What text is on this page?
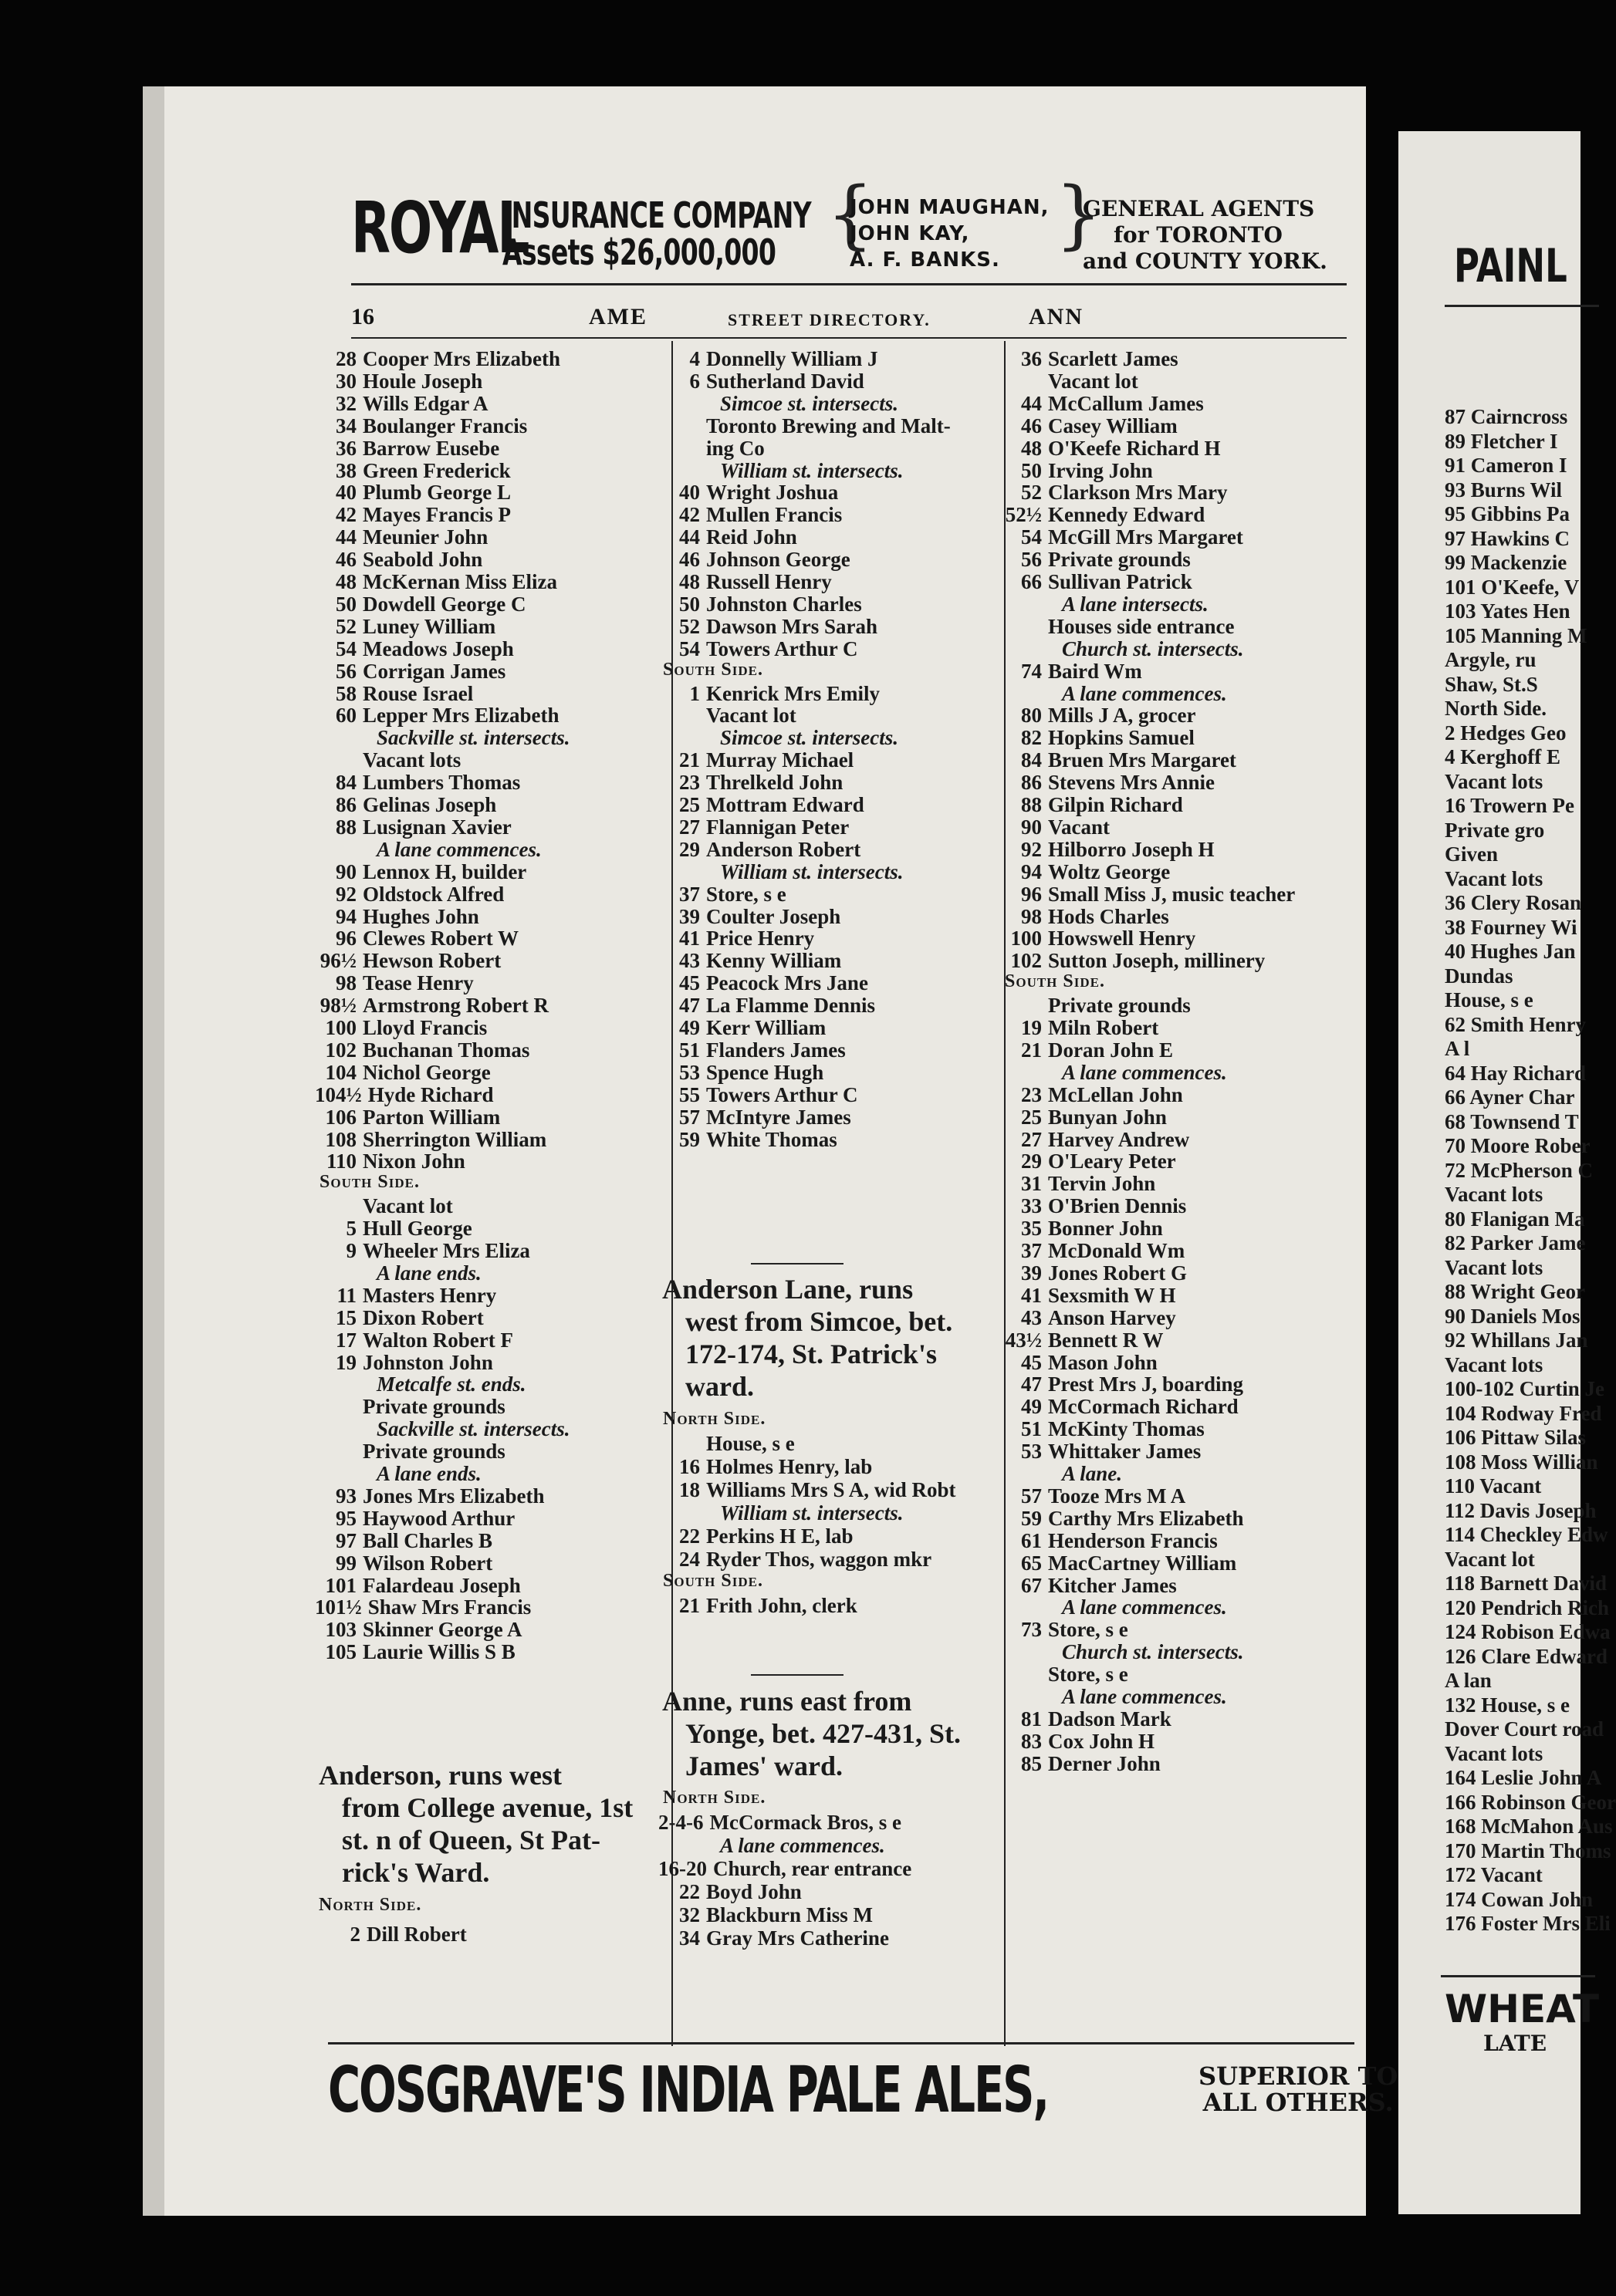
ROYAL
INSURANCE COMPANY
Assets $26,000,000 {
JOHN MAUGHAN,
JOHN KAY,
A. F. BANKS.
}
GENERAL AGENTS
for TORONTO
and COUNTY YORK.
16	AME	STREET DIRECTORY.	ANN
28 Cooper Mrs Elizabeth
30 Houle Joseph
32 Wills Edgar A
34 Boulanger Francis
36 Barrow Eusebe
38 Green Frederick
40 Plumb George L
42 Mayes Francis P
44 Meunier John
46 Seabold John
48 McKernan Miss Eliza
50 Dowdell George C
52 Luney William
54 Meadows Joseph
56 Corrigan James
58 Rouse Israel
60 Lepper Mrs Elizabeth
Sackville st. intersects.
Vacant lots
84 Lumbers Thomas
86 Gelinas Joseph
88 Lusignan Xavier
A lane commences.
90 Lennox H, builder
92 Oldstock Alfred
94 Hughes John
96 Clewes Robert W
96½ Hewson Robert
98 Tease Henry
98½ Armstrong Robert R
100 Lloyd Francis
102 Buchanan Thomas
104 Nichol George
104½ Hyde Richard
106 Parton William
108 Sherrington William
110 Nixon John
South Side.
Vacant lot
5 Hull George
9 Wheeler Mrs Eliza
A lane ends.
11 Masters Henry
15 Dixon Robert
17 Walton Robert F
19 Johnston John
Metcalfe st. ends.
Private grounds
Sackville st. intersects.
Private grounds
A lane ends.
93 Jones Mrs Elizabeth
95 Haywood Arthur
97 Ball Charles B
99 Wilson Robert
101 Falardeau Joseph
101½ Shaw Mrs Francis
103 Skinner George A
105 Laurie Willis S B
4 Donnelly William J
6 Sutherland David
Simcoe st. intersects.
Toronto Brewing and Malt-
ing Co
William st. intersects.
40 Wright Joshua
42 Mullen Francis
44 Reid John
46 Johnson George
48 Russell Henry
50 Johnston Charles
52 Dawson Mrs Sarah
54 Towers Arthur C
South Side.
1 Kenrick Mrs Emily
Vacant lot
Simcoe st. intersects.
21 Murray Michael
23 Threlkeld John
25 Mottram Edward
27 Flannigan Peter
29 Anderson Robert
William st. intersects.
37 Store, s e
39 Coulter Joseph
41 Price Henry
43 Kenny William
45 Peacock Mrs Jane
47 La Flamme Dennis
49 Kerr William
51 Flanders James
53 Spence Hugh
55 Towers Arthur C
57 McIntyre James
59 White Thomas
36 Scarlett James
Vacant lot
44 McCallum James
46 Casey William
48 O'Keefe Richard H
50 Irving John
52 Clarkson Mrs Mary
52½ Kennedy Edward
54 McGill Mrs Margaret
56 Private grounds
66 Sullivan Patrick
A lane intersects.
Houses side entrance
Church st. intersects.
74 Baird Wm
A lane commences.
80 Mills J A, grocer
82 Hopkins Samuel
84 Bruen Mrs Margaret
86 Stevens Mrs Annie
88 Gilpin Richard
90 Vacant
92 Hilborro Joseph H
94 Woltz George
96 Small Miss J, music teacher
98 Hods Charles
100 Howswell Henry
102 Sutton Joseph, millinery
South Side.
Private grounds
19 Miln Robert
21 Doran John E
A lane commences.
23 McLellan John
25 Bunyan John
27 Harvey Andrew
29 O'Leary Peter
31 Tervin John
33 O'Brien Dennis
35 Bonner John
37 McDonald Wm
39 Jones Robert G
41 Sexsmith W H
43 Anson Harvey
43½ Bennett R W
45 Mason John
47 Prest Mrs J, boarding
49 McCormach Richard
51 McKinty Thomas
53 Whittaker James
A lane.
57 Tooze Mrs M A
59 Carthy Mrs Elizabeth
61 Henderson Francis
65 MacCartney William
67 Kitcher James
A lane commences.
73 Store, s e
Church st. intersects.
Store, s e
A lane commences.
81 Dadson Mark
83 Cox John H
85 Derner John
Anderson, runs west
from College avenue, 1st
st. n of Queen, St Pat-
rick's Ward.
North Side.
2 Dill Robert
Anderson Lane, runs
west from Simcoe, bet.
172-174, St. Patrick's
ward.
North Side.
House, s e
16 Holmes Henry, lab
18 Williams Mrs S A, wid Robt
William st. intersects.
22 Perkins H E, lab
24 Ryder Thos, waggon mkr
South Side.
21 Frith John, clerk
Anne, runs east from
Yonge, bet. 427-431, St.
James' ward.
North Side.
2-4-6 McCormack Bros, s e
A lane commences.
16-20 Church, rear entrance
22 Boyd John
32 Blackburn Miss M
34 Gray Mrs Catherine
COSGRAVE'S INDIA PALE ALES,	SUPERIOR TO
ALL OTHERS.
PAINL
87 Cairncross
89 Fletcher I
91 Cameron I
93 Burns Wil
95 Gibbins Pa
97 Hawkins C
99 Mackenzie
101 O'Keefe, V
103 Yates Hen
105 Manning M
Argyle, ru
Shaw, St.S
North Side.
2 Hedges Geo
4 Kerghoff E
Vacant lots
16 Trowern Pe
Private gro
Given
Vacant lots
36 Clery Rosan
38 Fourney Wi
40 Hughes Jan
Dundas
House, s e
62 Smith Henry
A l
64 Hay Richard
66 Ayner Char
68 Townsend T
70 Moore Rober
72 McPherson C
Vacant lots
80 Flanigan Ma
82 Parker Jame
Vacant lots
88 Wright Geor
90 Daniels Mos
92 Whillans Jan
Vacant lots
100-102 Curtin Je
104 Rodway Fred
106 Pittaw Silas
108 Moss Willian
110 Vacant
112 Davis Joseph
114 Checkley Edw
Vacant lot
118 Barnett David
120 Pendrich Rich
124 Robison Edwa
126 Clare Edward
A lan
132 House, s e
Dover Court road
Vacant lots
164 Leslie John A
166 Robinson Geor
168 McMahon Aus
170 Martin Thoms
172 Vacant
174 Cowan John
176 Foster Mrs Eli
WHEAT
LATE
